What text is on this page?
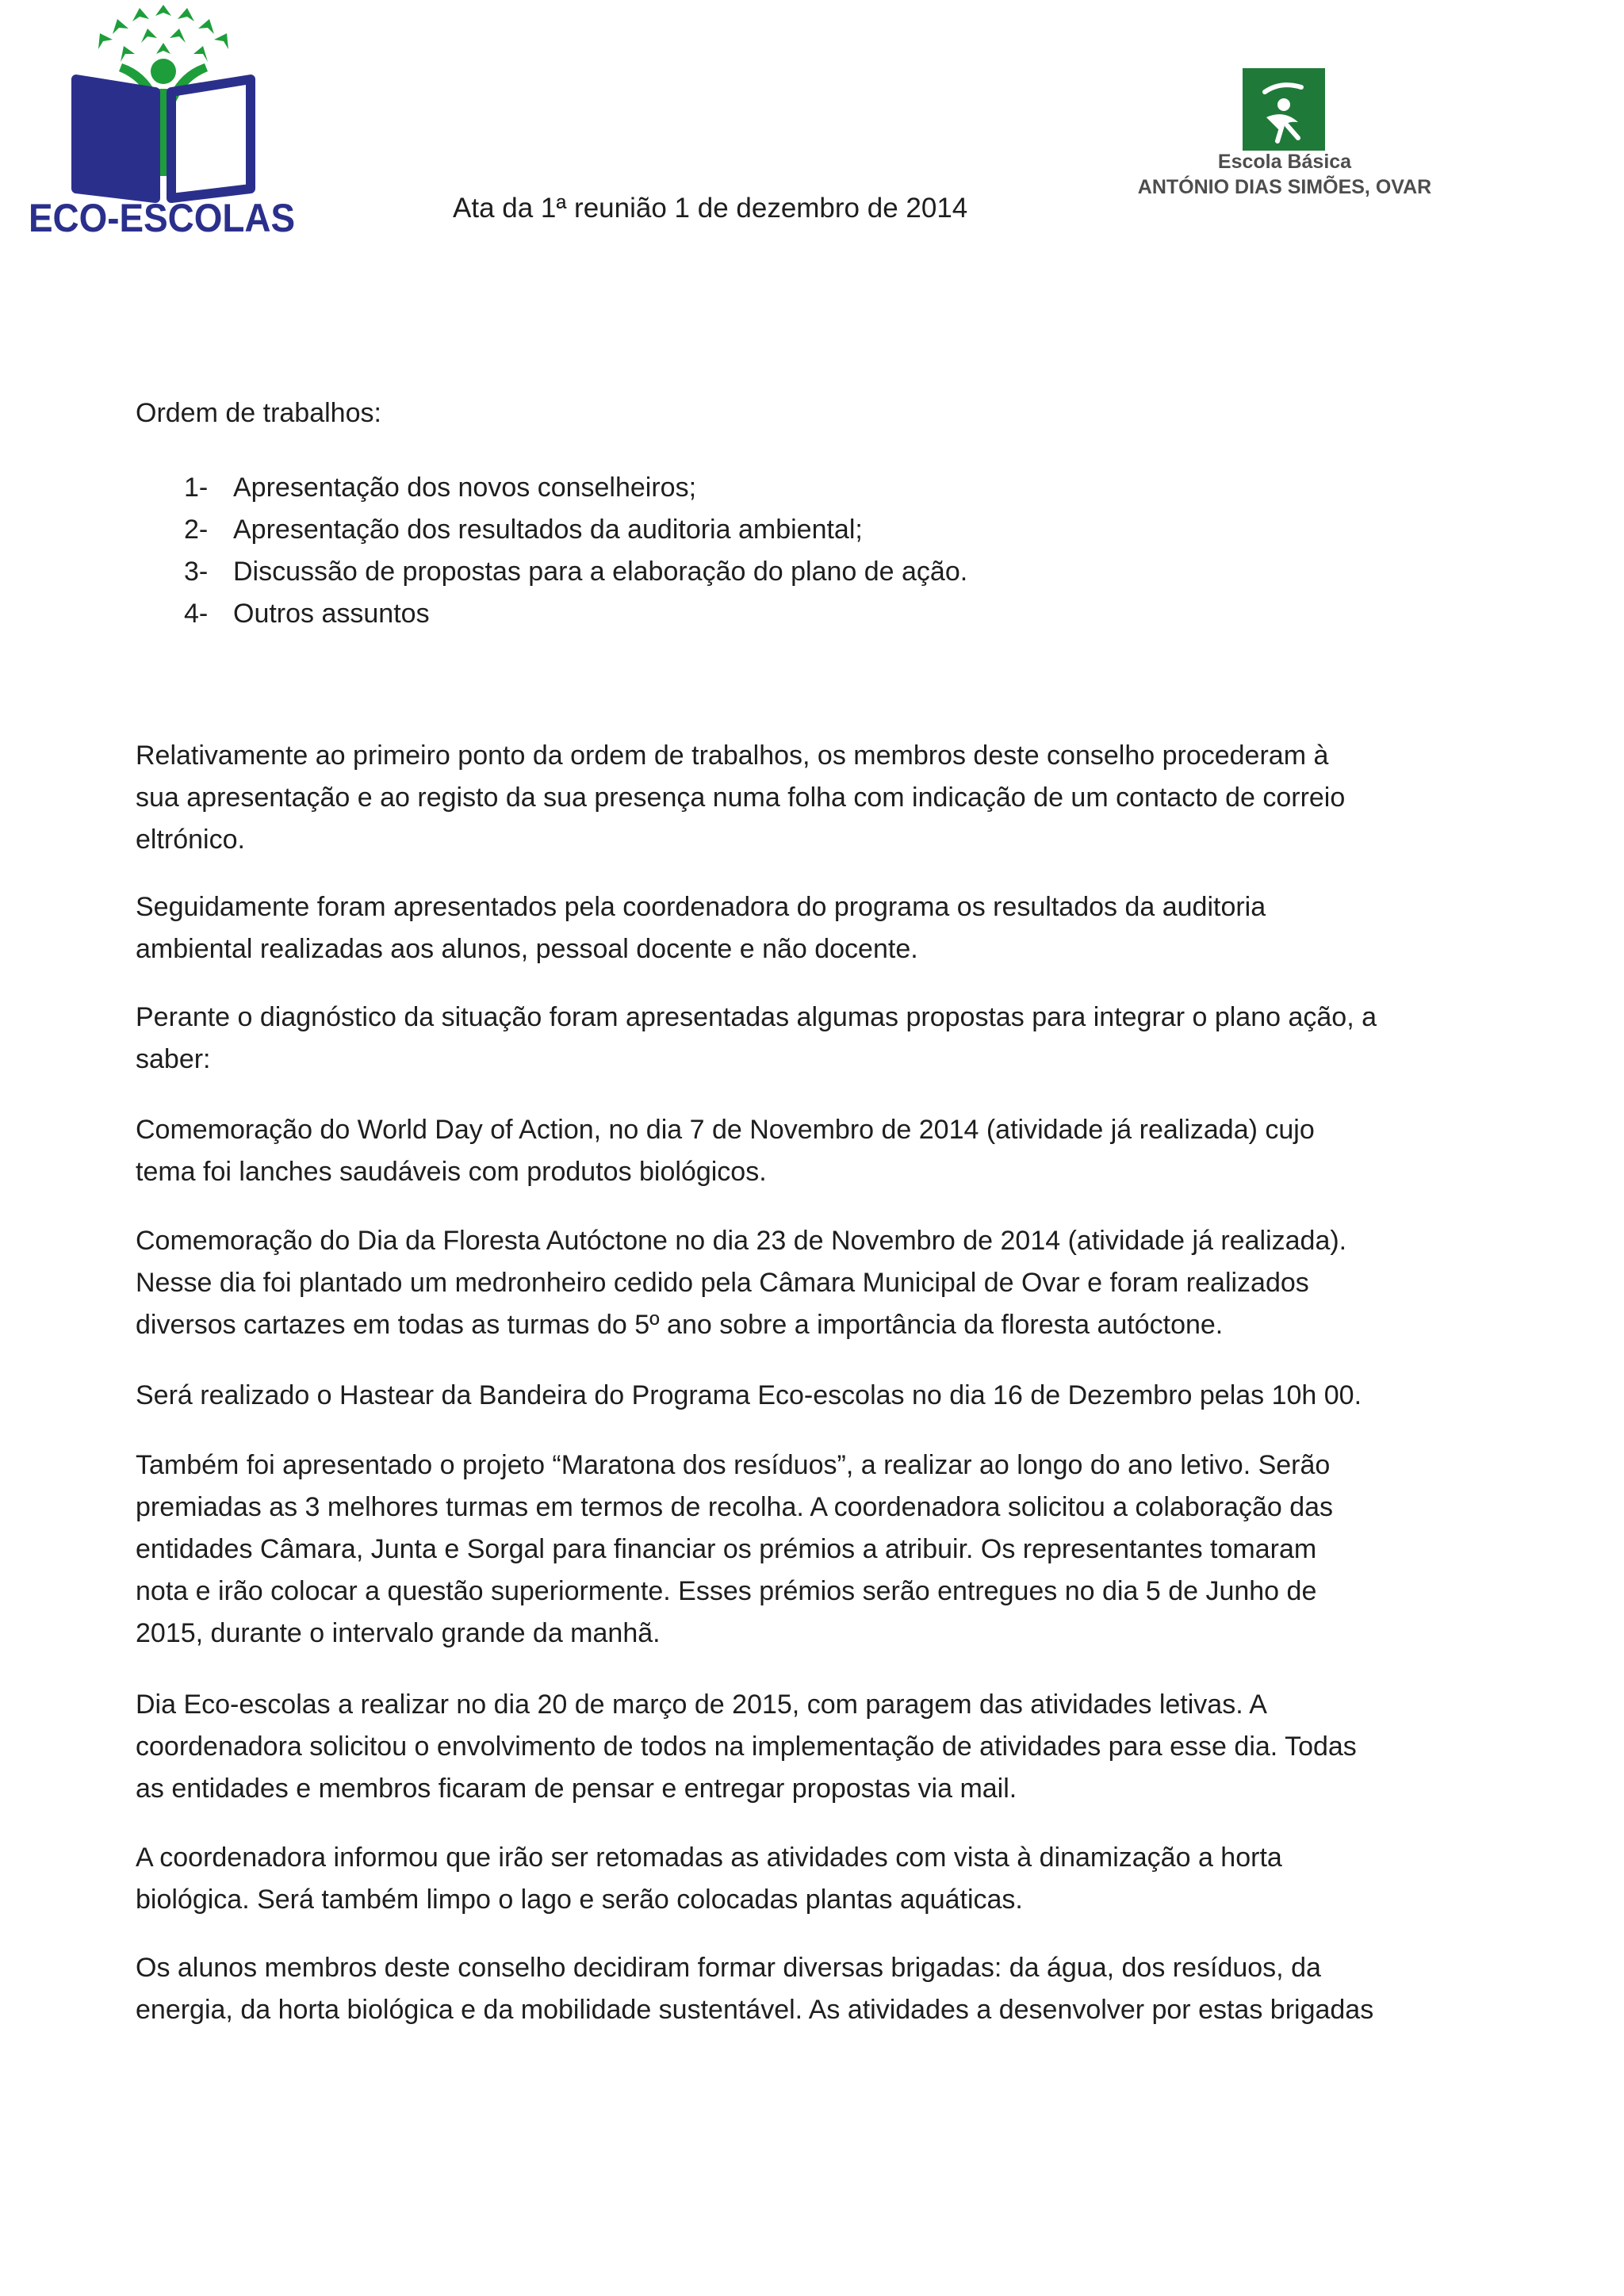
ECO-ESCOLAS
Escola Básica
ANTÓNIO DIAS SIMÕES, OVAR
Ata da 1ª reunião 1 de dezembro de 2014
Ordem de trabalhos:
1- Apresentação dos novos conselheiros;
2- Apresentação dos resultados da auditoria ambiental;
3- Discussão de propostas para a elaboração do plano de ação.
4- Outros assuntos
Relativamente ao primeiro ponto da ordem de trabalhos, os membros deste conselho procederam à
sua apresentação e ao registo da sua presença numa folha com indicação de um contacto de correio
eltrónico.
Seguidamente foram apresentados pela coordenadora do programa os resultados da auditoria
ambiental realizadas aos alunos, pessoal docente e não docente.
Perante o diagnóstico da situação foram apresentadas algumas propostas para integrar o plano ação, a
saber:
Comemoração do World Day of Action, no dia 7 de Novembro de 2014 (atividade já realizada) cujo
tema foi lanches saudáveis com produtos biológicos.
Comemoração do Dia da Floresta Autóctone no dia 23 de Novembro de 2014 (atividade já realizada).
Nesse dia foi plantado um medronheiro cedido pela Câmara Municipal de Ovar e foram realizados
diversos cartazes em todas as turmas do 5º ano sobre a importância da floresta autóctone.
Será realizado o Hastear da Bandeira do Programa Eco-escolas no dia 16 de Dezembro pelas 10h 00.
Também foi apresentado o projeto “Maratona dos resíduos”, a realizar ao longo do ano letivo. Serão
premiadas as 3 melhores turmas em termos de recolha. A coordenadora solicitou a colaboração das
entidades Câmara, Junta e Sorgal para financiar os prémios a atribuir. Os representantes tomaram
nota e irão colocar a questão superiormente. Esses prémios serão entregues no dia 5 de Junho de
2015, durante o intervalo grande da manhã.
Dia Eco-escolas a realizar no dia 20 de março de 2015, com paragem das atividades letivas. A
coordenadora solicitou o envolvimento de todos na implementação de atividades para esse dia. Todas
as entidades e membros ficaram de pensar e entregar propostas via mail.
A coordenadora informou que irão ser retomadas as atividades com vista à dinamização a horta
biológica. Será também limpo o lago e serão colocadas plantas aquáticas.
Os alunos membros deste conselho decidiram formar diversas brigadas: da água, dos resíduos, da
energia, da horta biológica e da mobilidade sustentável. As atividades a desenvolver por estas brigadas
